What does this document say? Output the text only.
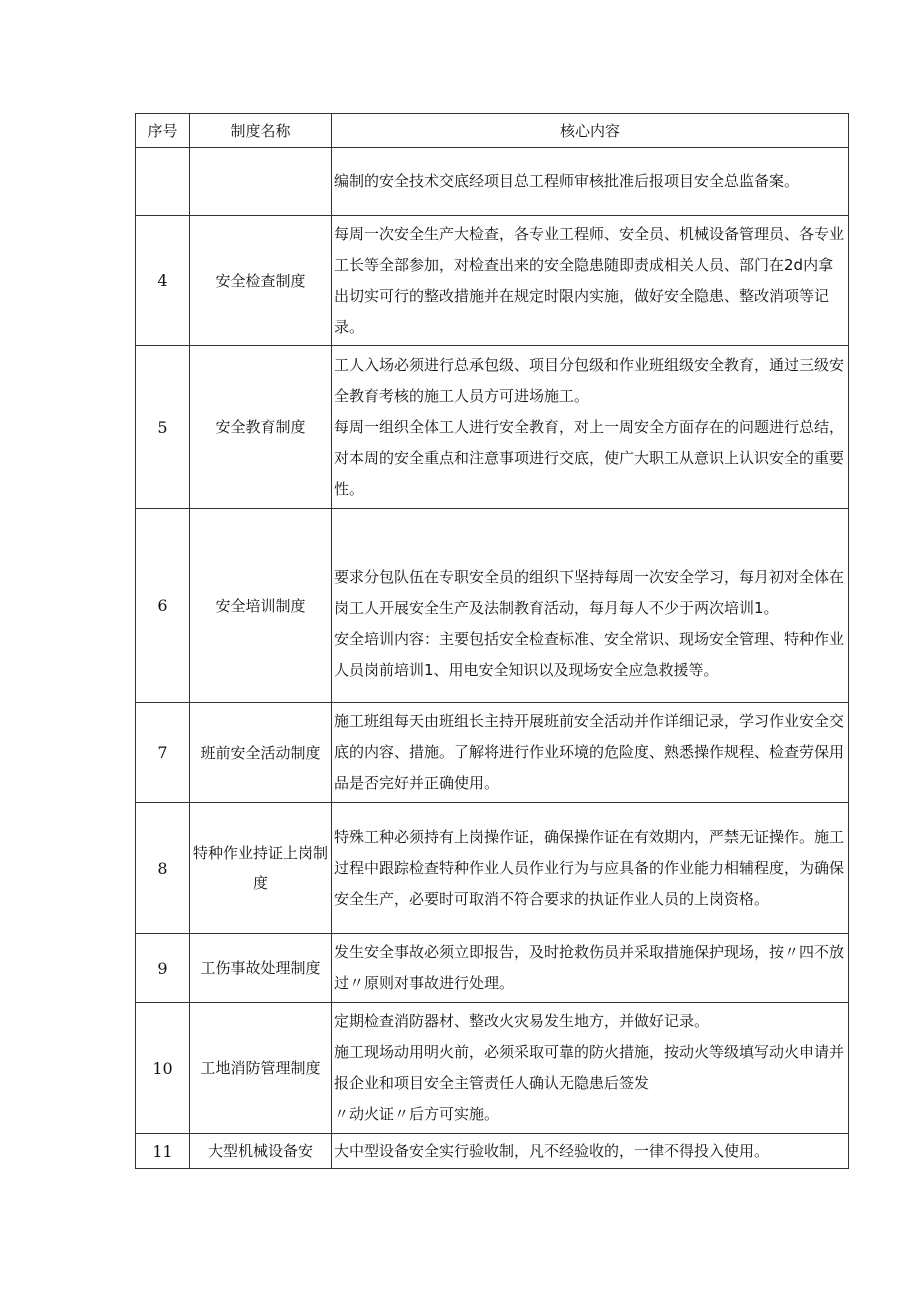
序号	制度名称	核心内容

		编制的安全技术交底经项目总工程师审核批准后报项目安全总监备案。

4	安全检查制度	每周一次安全生产大检查，各专业工程师、安全员、机械设备管理员、各专业工长等全部参加，对检查出来的安全隐患随即责成相关人员、部门在2d内拿出切实可行的整改措施并在规定时限内实施，做好安全隐患、整改消项等记录。

5	安全教育制度	工人入场必须进行总承包级、项目分包级和作业班组级安全教育，通过三级安全教育考核的施工人员方可进场施工。
每周一组织全体工人进行安全教育，对上一周安全方面存在的问题进行总结，对本周的安全重点和注意事项进行交底，使广大职工从意识上认识安全的重要性。

6	安全培训制度	要求分包队伍在专职安全员的组织下坚持每周一次安全学习，每月初对全体在岗工人开展安全生产及法制教育活动，每月每人不少于两次培训1。
安全培训内容：主要包括安全检查标准、安全常识、现场安全管理、特种作业人员岗前培训1、用电安全知识以及现场安全应急救援等。

7	班前安全活动制度	施工班组每天由班组长主持开展班前安全活动并作详细记录，学习作业安全交底的内容、措施。了解将进行作业环境的危险度、熟悉操作规程、检查劳保用品是否完好并正确使用。

8	特种作业持证上岗制度	特殊工种必须持有上岗操作证，确保操作证在有效期内，严禁无证操作。施工过程中跟踪检查特种作业人员作业行为与应具备的作业能力相辅程度，为确保安全生产，必要时可取消不符合要求的执证作业人员的上岗资格。

9	工伤事故处理制度	发生安全事故必须立即报告，及时抢救伤员并采取措施保护现场，按〃四不放过〃原则对事故进行处理。

10	工地消防管理制度	定期检查消防器材、整改火灾易发生地方，并做好记录。
施工现场动用明火前，必须采取可靠的防火措施，按动火等级填写动火申请并报企业和项目安全主管责任人确认无隐患后签发
〃动火证〃后方可实施。

11	大型机械设备安	大中型设备安全实行验收制，凡不经验收的，一律不得投入使用。
